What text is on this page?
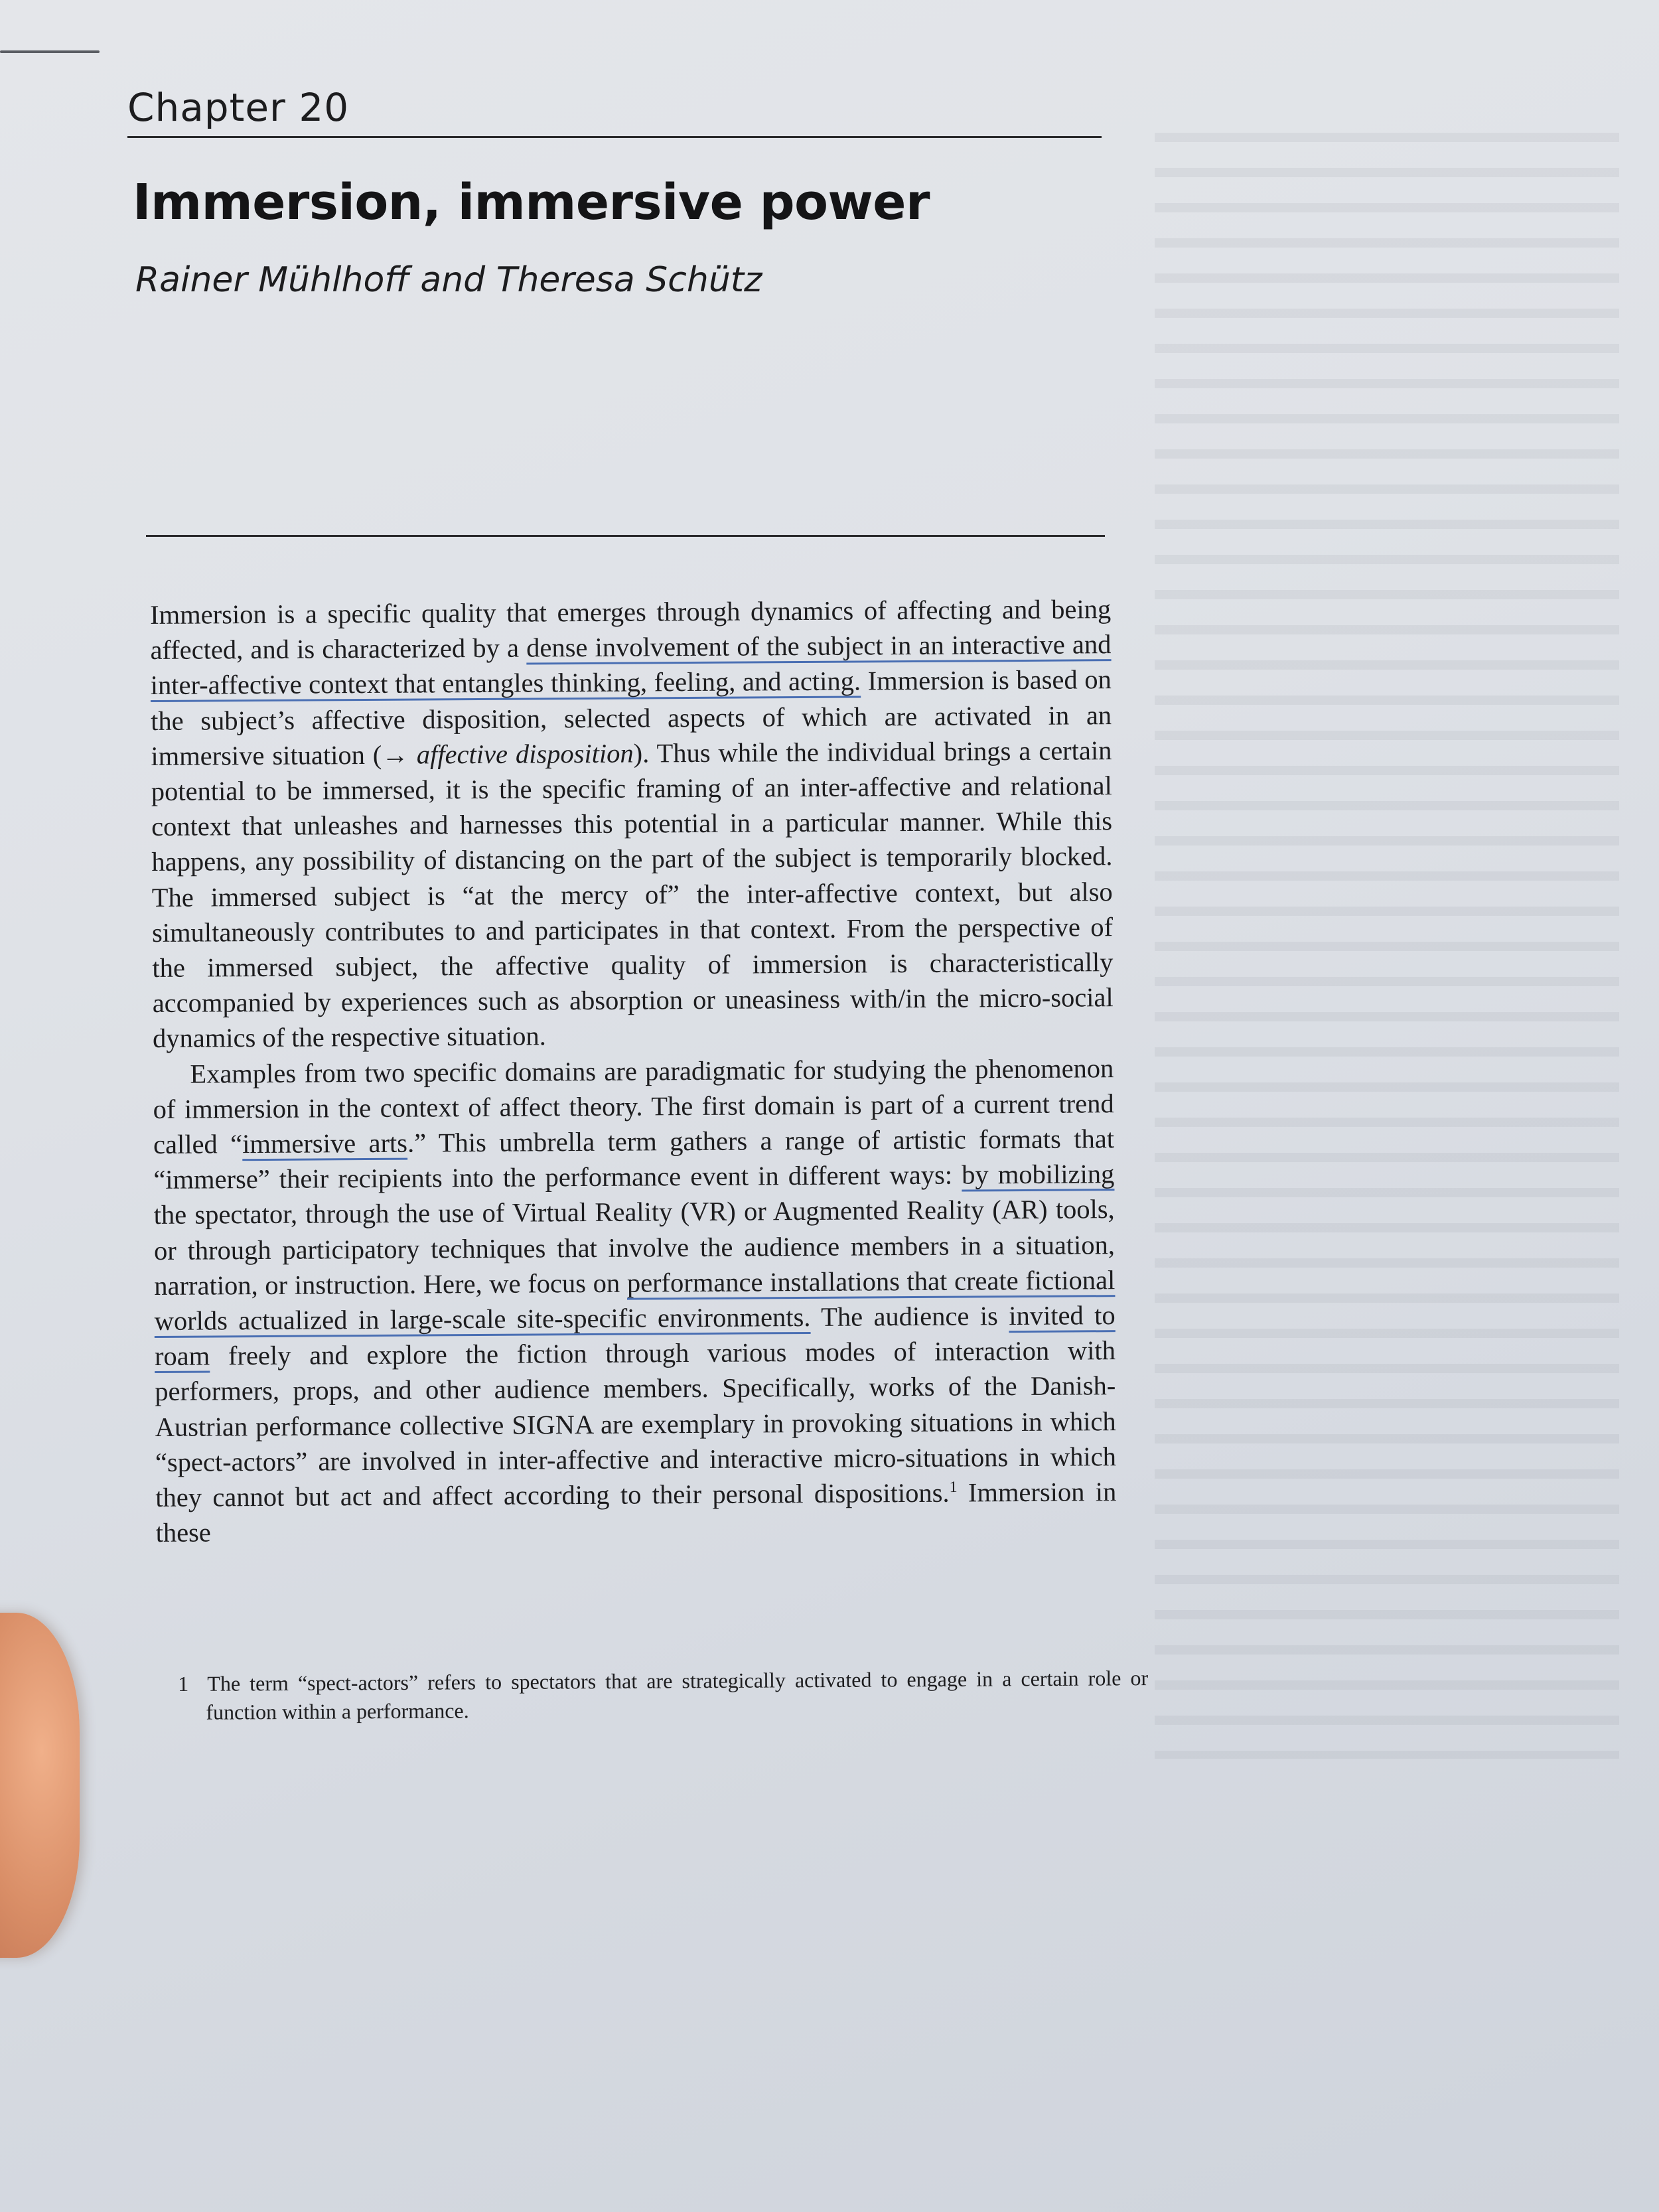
Chapter 20
Immersion, immersive power
Rainer Mühlhoff and Theresa Schütz

Immersion is a specific quality that emerges through dynamics of affecting and being affected, and is characterized by a dense involvement of the subject in an interactive and inter-affective context that entangles thinking, feeling, and acting. Immersion is based on the subject’s affective disposition, selected aspects of which are activated in an immersive situation (→ affective disposition). Thus while the individual brings a certain potential to be immersed, it is the specific framing of an inter-affective and relational context that unleashes and harnesses this potential in a particular manner. While this happens, any possibility of distancing on the part of the subject is temporarily blocked. The immersed subject is “at the mercy of” the inter-affective context, but also simultaneously contributes to and participates in that context. From the perspective of the immersed subject, the affective quality of immersion is characteristically accompanied by experiences such as absorption or uneasiness with/in the micro-social dynamics of the respective situation.

Examples from two specific domains are paradigmatic for studying the phenomenon of immersion in the context of affect theory. The first domain is part of a current trend called “immersive arts.” This umbrella term gathers a range of artistic formats that “immerse” their recipients into the performance event in different ways: by mobilizing the spectator, through the use of Virtual Reality (VR) or Augmented Reality (AR) tools, or through participatory techniques that involve the audience members in a situation, narration, or instruction. Here, we focus on performance installations that create fictional worlds actualized in large-scale site-specific environments. The audience is invited to roam freely and explore the fiction through various modes of interaction with performers, props, and other audience members. Specifically, works of the Danish-Austrian performance collective SIGNA are exemplary in provoking situations in which “spect-actors” are involved in inter-affective and interactive micro-situations in which they cannot but act and affect according to their personal dispositions.$^1$ Immersion in these

1 The term “spect-actors” refers to spectators that are strategically activated to engage in a certain role or function within a performance.
